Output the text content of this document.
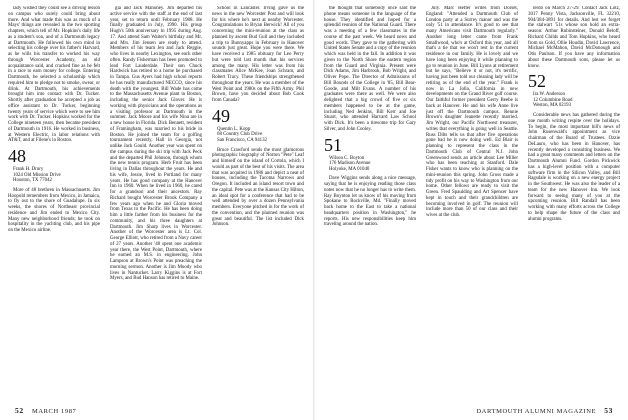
lady wished they could see a driving lesson on campus who surely could bring about more. And what made this was as much of a Mays' things are revealed in the two sporting chapters, which tell of Mr. Hopkins's daily life as a student's son, and of a Dartmouth legacy at Dartmouth. He followed his own mind in selecting his college over his father's Harvard, as he wills his transfer to worked his way through Worcester Academy, an old acquaintance said, and cracked fine as he felt in a race to earn money for college. Entering Dartmouth, he selected a scholarship which required him to pledge not to smoke, swear, or drink. At Dartmouth, his achievements brought him into contact with Dr. Tucker. Shortly after graduation he accepted a job as office assistant to Dr. Tucker, beginning twenty years of service which were to see him work with Dr. Tucker. Hopkins worked for the College nineteen years, then became president of Dartmouth in 1916. He worked in business, at Western Electric, in labor relations with AT&T, and at Filene's in Boston.

48

Frank H. Drury

1024 Old Mission Drive

Houston, TX 77042

More of 48 brethren in Massachusetts. Jim Hoopold remembers from Mexico, in Jamaica, to fly out to the shore of Guadalupe. In six weeks, the shores of Northeast provincial residence and Jim ended to Mexico City. Many new neighborhood friends; he took on hospitality in the yachting club, and his pipe on the Mexico airline.

gia and Jack Mahoney. Jim departed his active service with the staff at the end of last year, set to return until February 1988. He finally graduated in July, 1990. His group Hugh's 50th anniversary in 1995 during Aug. 17. And attend Sam Waiter's birthday and Mr. and Mrs. Jim Jensen are ready to attend. Members of his team Jen and Jack Reggie, who lives in nearby Lexington, see each other often. Randy Fisherman has been promoted to lead Fort Lauderdale. Their son Chuck Hardwick has retired to a home he purchased in Tampa. Gus Ayers had high school reports he has really manufactured NECCO, since his death with the youngest. Bill Wade has come to the Massachusetts Avenue plant in Boston, including the senior Jack Glover. He is working with physicians and the operations as a visiting professor at Dartmouth in the summer. Jack Moore and his wife Nina are in a new house in Florida. Dick Bennett, resident of Framingham, was married to his bride in Boston. He joined the team for a golfing tournament recently, Hall in Georgia, not unlike Jack Gould. Another year was spent on the campus during the ski trip with Jack Peck and the departed Phil Johnson, through whom the new tennis program. Herb Fruit has been living in Dallas throughout the years. He and his wife, Jessie, lived in Portland for many years. He has good company at the Hanover Inn in 1960. When he lived in 1960, he cared for a grandson and their ancestors. Ray Richard bought Worcester Brook Company a few years ago when he and Gloria moved from Texas to the Pacific. He has been doing him a little farther from his business for the community, and his three daughters at Dartmouth. Jim Sharp lives in Worcester. Another of the Worcester area is Lt. Col. George Elliott, who retired from a Navy career of 27 years. Another '48 spent one academic year there, the West Point, Dartmouth, where he earned an M.S. in engineering. John Lampson at Brown's Point was preaching the morning sermon. Another is Jim Moody who lives in Nantucket. Larry Kiggins is at Fort Myers, and Bud Hanson has retired to Maine.

School in Lancaster. Irving gave us the news in the new Worcester Post and will look for his where he's next at nearby Worcester. Congratulations to Bryan Berwick! All of you concerning the mini-reunion at the class as planned by ascent Bud Gull and they included a trip to Bunnyapps in February in Hanover sounds just great. Hope you were there. We have received a 1985 obituary for Leo Perry but were told last month that his services among the many. His letter was from his classmates Alice McKee, Joan Schram, and Robert Tracy. These friendships strengthened throughout the years. He was a member of the West Point and 1980s on the Fifth Army. Phil Brown, have you decided about Bob Cook from Canada?

49

Quentin L. Kopp

68 Country Club Drive

San Francisco, CA 94132

Bruce Crawford sends the most glamorous photographic biography of Norton "Pete" Leaf and himself on the island of Cortola, which I would as part of the best of his visits. The area that was acquired in 1986 and depict a neat of houses, including the Tacoma Narrows and Oregon. It included an island resort town and the capital. Pete was at the Kansas City Hilton, an ideal spot for a conference that had to be well attended by over a dozen Pennsylvania members. Everyone pitched in for the work of the convention, and the planned reunion was great and beautiful. The list included Dick Johnson.

52 MARCH 1987

the thought that somebody once said the phone means someone in the language of the house. They identified and hoped for a splendid reunion of the National Guard. There was a meeting of a few classmates in the course of the past week. We heard news and good words. They gave to the gathering with United States Senate and a copy of the reunion which was held in the fall. In addition it was given to the North Shore the eastern region from the Guard and Virginia. Present were Dick Adams, Jim Harbrook, Bob Wright, and Oliver Pope. The Director of Admissions of Bill Bounds of the College in '85, Bill Bear-Goode, and Milt Evans. A number of his graduates were there as well. We were also delighted that a big crowd of five or six members happened to be at the game, including Ned Jenkins, Bill Kerr and Joe Stuart, who attended Harvard Law School with Dick. It's been a tiresome trip for Gary Silver, and John Cooley.

51

Wilson C. Boyton

176 Madison Avenue

Holyoke, MA 01040

Dave Wiggins sends along a nice message, saying that he is enjoying reading those class notes now that he no longer has to write them. Ray Boynton let us know of his moving from Spokane to Rockville, Md. "Finally moved back home to the East to take a national headquarters position in Washington," he reports. His new responsibilities keep him traveling around the nation.

July. Marc Hefter writes from Dorset, England: "Attended a Dartmouth Club of London party at a Surrey manor and was the only '51 in attendance. It's good to see that many Americans visit Dartmouth regularly." Another long letter came from Frank Smallwood, who's at Oxford this year, and all that's a tie that we won't rest in the current residence in our family. He is lovely and we have long been enjoying it while planning to go to reunion in June. Bill Lyons at retirement but he says, "Believe it or not, it's terrific, having just been told our cleaning lady will be retiring as of the end of the year." Frank is now in La Jolla, California in new developments on the Grand River golf course. Our faithful former president Gerry Beebe is back at Hanover. He and his wife Anne live just off the Dartmouth campus. Rennie Brown's daughter Jeanette recently married. Jim Wright, our Pacific Northwest treasurer, writes that everything is going well in Seattle. Russ Dilts tells us that after five operations gone bad he is now doing well. Ed Blair is planning to represent the class in the Dartmouth Club of Central N.J. John Greenwood sends an article about Lee Miller who has been teaching at Stanford. Dale Fisher wants to know who is planning on the mini-reunion this spring. John Gross made a tidy profit on his way to Washington from our home. Other fellows are ready to visit the Green. Fred Spaulding and Art Spencer have kept in touch and their grandchildren are becoming involved in golf. The reunion will include more than 50 of our class and their wives at the club.

lerdo on March 27-29. Contact Jack Lotz, 3017 Penny Vista, Jacksonville, FL 32210, 904/384-3891 for details. And lest we forget the stalwart '51s whose son hold an extra-season: Arthur Rubinsteiner, Donald Beloff, Richard Childs and Tom Hopkins, who heard from us Gold, Ollie Houdin, David Lawrence, Michael McMahon, David McDonough and Otis Paulson. If you have any information about these Dartmouth sons, please let us know.

52

Ira W. Anderson

12 Columbine Road

Weston, MA 02193

Considerable news has gathered during the one month writing respite over the holidays. To begin, the most important bill's news of John Rosenwald's appointment as vice chairman of the Board of Trustees. Ozzie DeLauro, who has been in Hanover, has recently developed a consulting business. We had a great many comments and letters on the Dartmouth Alumni Fund. Gordon Pickwick has a high-level position with a computer software firm in the Silicon Valley, and Bill Ragsdale is working on a new energy project in the Southwest. He was also the leader of a team for the new Hanover Inn. We look forward to seeing many of you at the upcoming reunion. Bill Randall has been working with many efforts across the College to help shape the future of the class and alumni programs.

DARTMOUTH ALUMNI MAGAZINE 53
